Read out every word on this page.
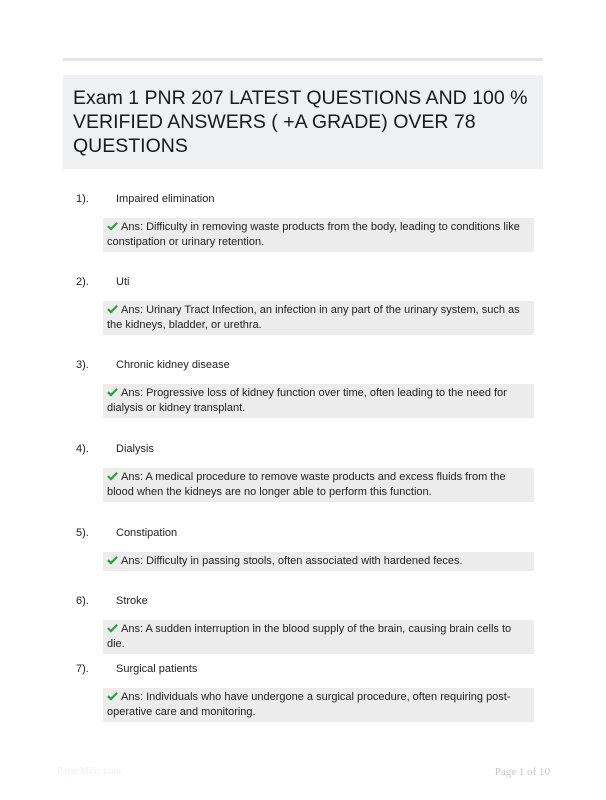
Exam 1 PNR 207 LATEST QUESTIONS AND 100 % VERIFIED ANSWERS ( +A GRADE) OVER 78 QUESTIONS
1).	Impaired elimination
Ans: Difficulty in removing waste products from the body, leading to conditions like constipation or urinary retention.
2).	Uti
Ans: Urinary Tract Infection, an infection in any part of the urinary system, such as the kidneys, bladder, or urethra.
3).	Chronic kidney disease
Ans: Progressive loss of kidney function over time, often leading to the need for dialysis or kidney transplant.
4).	Dialysis
Ans: A medical procedure to remove waste products and excess fluids from the blood when the kidneys are no longer able to perform this function.
5).	Constipation
Ans: Difficulty in passing stools, often associated with hardened feces.
6).	Stroke
Ans: A sudden interruption in the blood supply of the brain, causing brain cells to die.
7).	Surgical patients
Ans: Individuals who have undergone a surgical procedure, often requiring post-operative care and monitoring.
PaperMilic.com	Page 1 of 10
